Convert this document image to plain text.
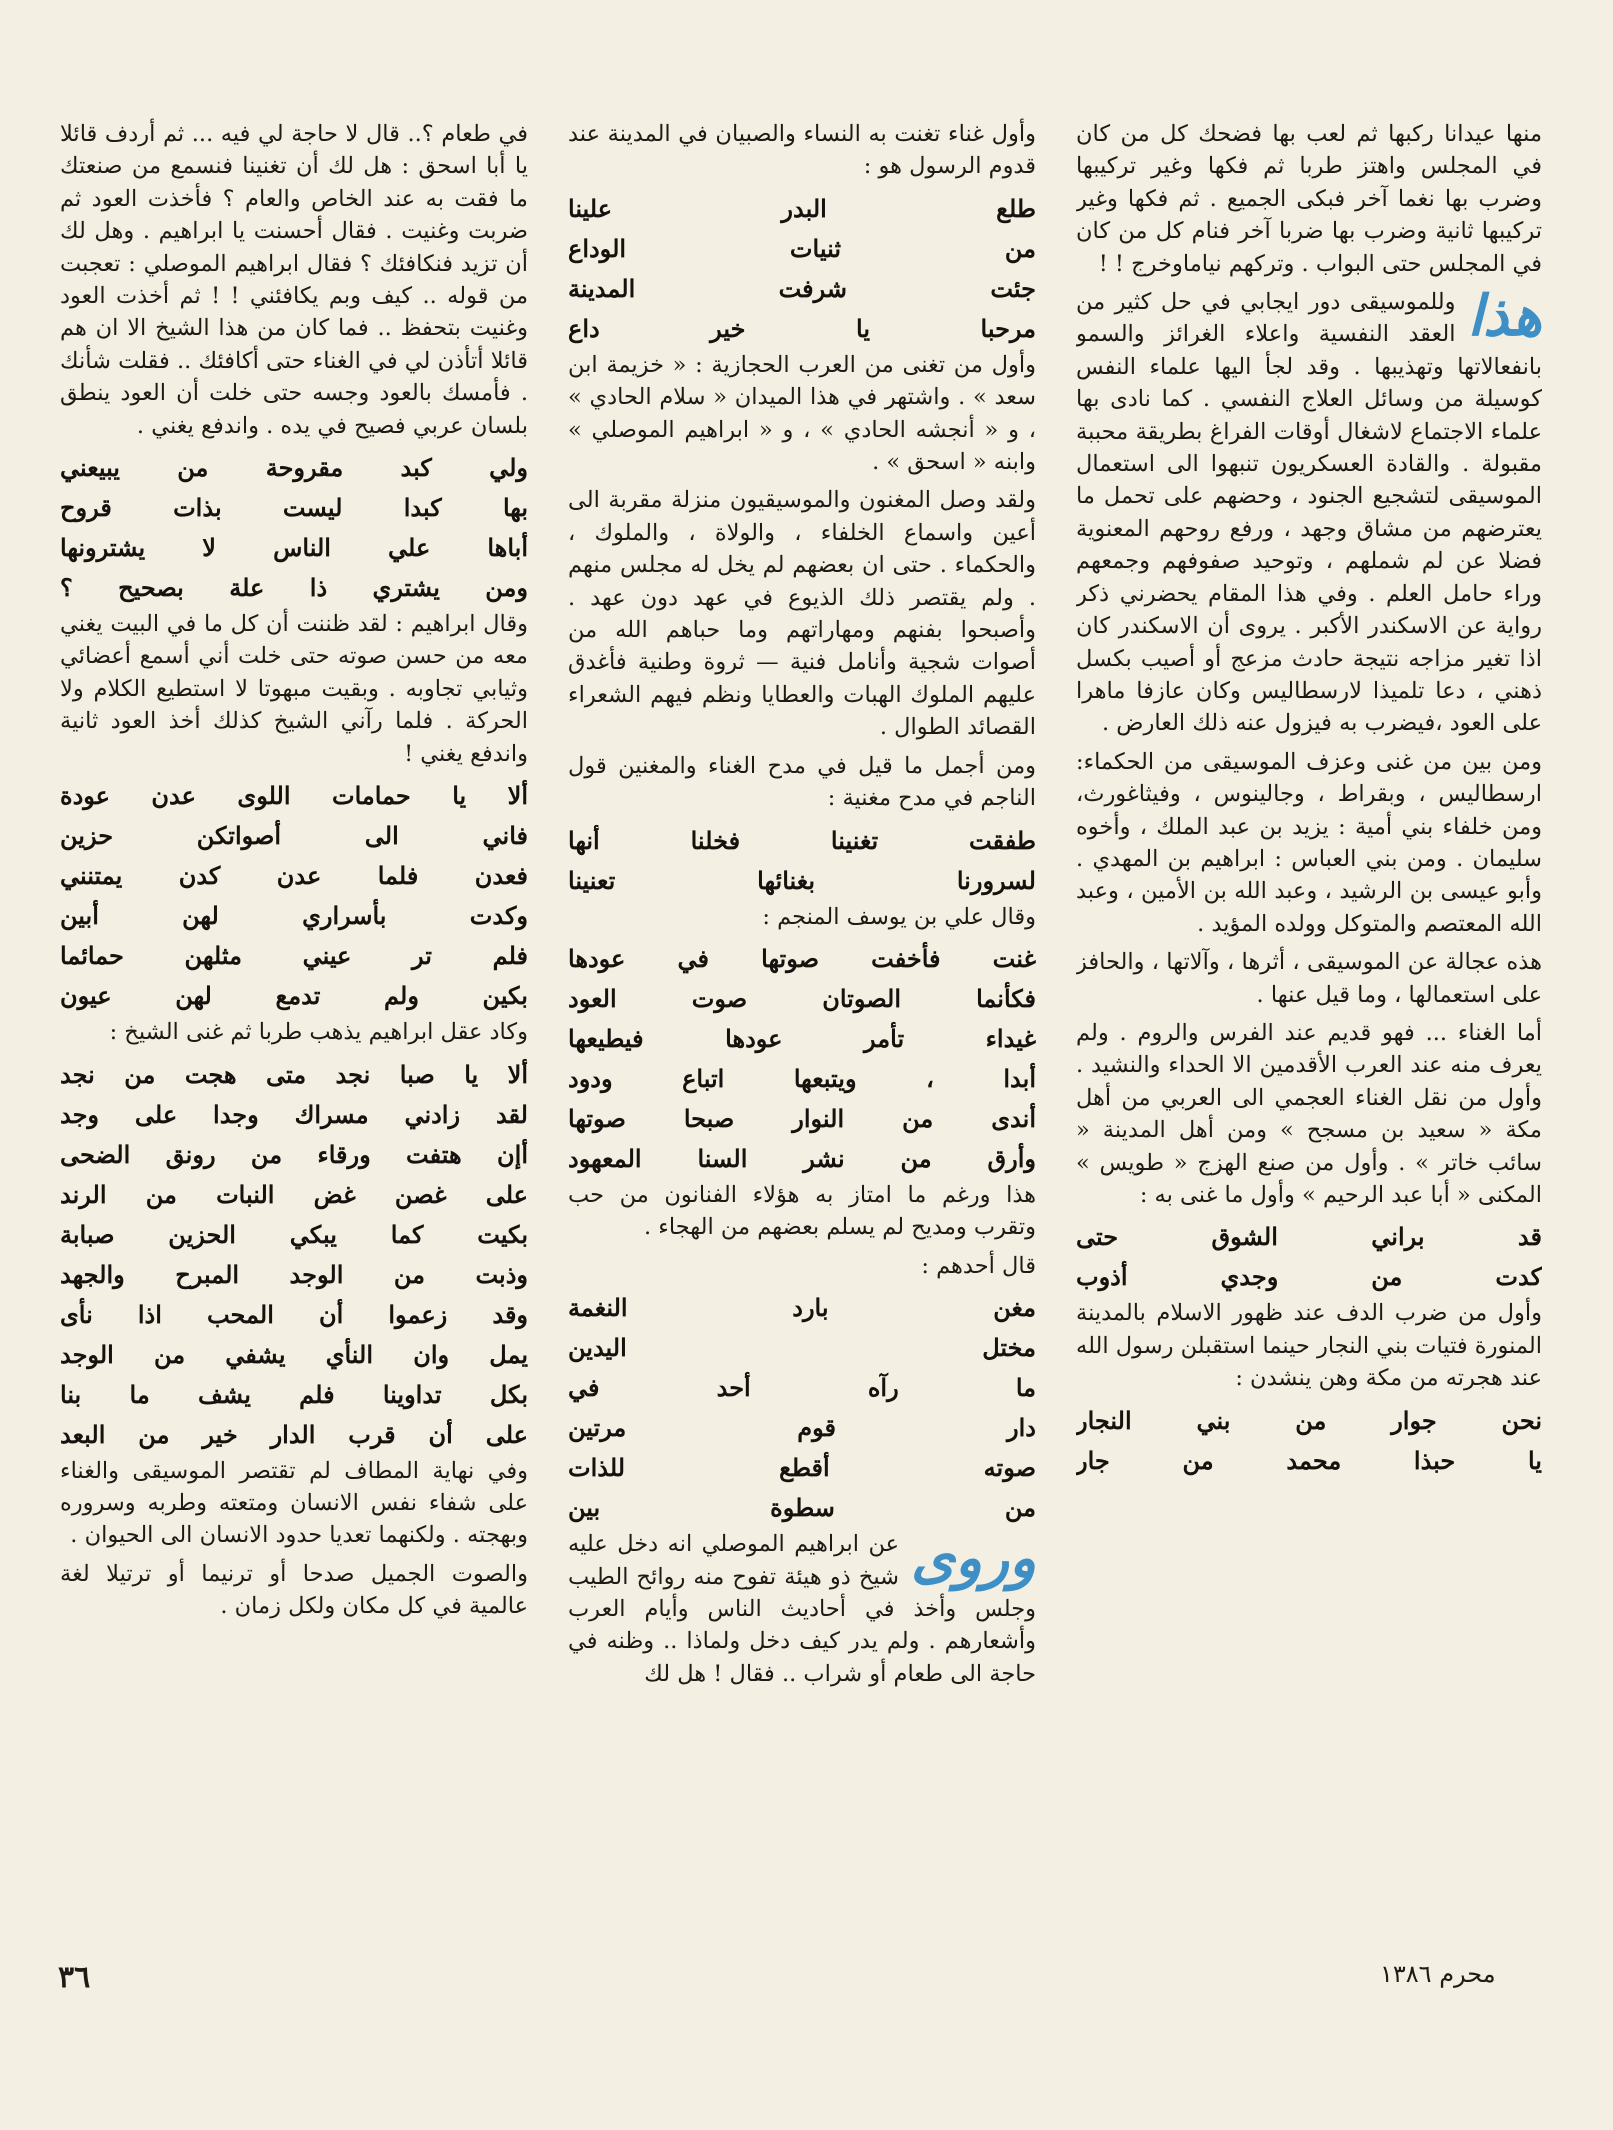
منها عيدانا ركبها ثم لعب بها فضحك كل من كان في المجلس واهتز طربا ثم فكها وغير تركيبها وضرب بها نغما آخر فبكى الجميع . ثم فكها وغير تركيبها ثانية وضرب بها ضربا آخر فنام كل من كان في المجلس حتى البواب . وتركهم نياماوخرج ! !

هذا
وللموسيقى دور ايجابي في حل كثير من العقد النفسية واعلاء الغرائز والسمو بانفعالاتها وتهذيبها . وقد لجأ اليها علماء النفس كوسيلة من وسائل العلاج النفسي . كما نادى بها علماء الاجتماع لاشغال أوقات الفراغ بطريقة محببة مقبولة . والقادة العسكريون تنبهوا الى استعمال الموسيقى لتشجيع الجنود ، وحضهم على تحمل ما يعترضهم من مشاق وجهد ، ورفع روحهم المعنوية فضلا عن لم شملهم ، وتوحيد صفوفهم وجمعهم وراء حامل العلم . وفي هذا المقام يحضرني ذكر رواية عن الاسكندر الأكبر . يروى أن الاسكندر كان اذا تغير مزاجه نتيجة حادث مزعج أو أصيب بكسل ذهني ، دعا تلميذا لارسطاليس وكان عازفا ماهرا على العود ،فيضرب به فيزول عنه ذلك العارض .

ومن بين من غنى وعزف الموسيقى من الحكماء: ارسطاليس ، وبقراط ، وجالينوس ، وفيثاغورث، ومن خلفاء بني أمية : يزيد بن عبد الملك ، وأخوه سليمان . ومن بني العباس : ابراهيم بن المهدي . وأبو عيسى بن الرشيد ، وعبد الله بن الأمين ، وعبد الله المعتصم والمتوكل وولده المؤيد .

هذه عجالة عن الموسيقى ، أثرها ، وآلاتها ، والحافز على استعمالها ، وما قيل عنها .

أما الغناء ... فهو قديم عند الفرس والروم . ولم يعرف منه عند العرب الأقدمين الا الحداء والنشيد . وأول من نقل الغناء العجمي الى العربي من أهل مكة « سعيد بن مسجح » ومن أهل المدينة « سائب خاتر » . وأول من صنع الهزج « طويس » المكنى « أبا عبد الرحيم » وأول ما غنى به :

قد براني الشوق حتى
كدت من وجدي أذوب

وأول من ضرب الدف عند ظهور الاسلام بالمدينة المنورة فتيات بني النجار حينما استقبلن رسول الله عند هجرته من مكة وهن ينشدن :

نحن جوار من بني النجار
يا حبذا محمد من جار

وأول غناء تغنت به النساء والصبيان في المدينة عند قدوم الرسول هو :

طلع البدر علينا
من ثنيات الوداع
جئت شرفت المدينة
مرحبا يا خير داع

وأول من تغنى من العرب الحجازية : « خزيمة ابن سعد » . واشتهر في هذا الميدان « سلام الحادي » ، و « أنجشه الحادي » ، و « ابراهيم الموصلي » وابنه « اسحق » .

ولقد وصل المغنون والموسيقيون منزلة مقربة الى أعين واسماع الخلفاء ، والولاة ، والملوك ، والحكماء . حتى ان بعضهم لم يخل له مجلس منهم . ولم يقتصر ذلك الذيوع في عهد دون عهد . وأصبحوا بفنهم ومهاراتهم وما حباهم الله من أصوات شجية وأنامل فنية — ثروة وطنية فأغدق عليهم الملوك الهبات والعطايا ونظم فيهم الشعراء القصائد الطوال .

ومن أجمل ما قيل في مدح الغناء والمغنين قول الناجم في مدح مغنية :

طفقت تغنينا فخلنا أنها
لسرورنا بغنائها تعنينا

وقال علي بن يوسف المنجم :

غنت فأخفت صوتها في عودها
فكأنما الصوتان صوت العود
غيداء تأمر عودها فيطيعها
أبدا ، ويتبعها اتباع ودود
أندى من النوار صبحا صوتها
وأرق من نشر السنا المعهود

هذا ورغم ما امتاز به هؤلاء الفنانون من حب وتقرب ومديح لم يسلم بعضهم من الهجاء .

قال أحدهم :

مغن بارد النغمة
مختل اليدين
ما رآه أحد في
دار قوم مرتين
صوته أقطع للذات
من سطوة بين

وروى
عن ابراهيم الموصلي انه دخل عليه شيخ ذو هيئة تفوح منه روائح الطيب وجلس وأخذ في أحاديث الناس وأيام العرب وأشعارهم . ولم يدر كيف دخل ولماذا .. وظنه في حاجة الى طعام أو شراب .. فقال ! هل لك

في طعام ؟.. قال لا حاجة لي فيه ... ثم أردف قائلا يا أبا اسحق : هل لك أن تغنينا فنسمع من صنعتك ما فقت به عند الخاص والعام ؟ فأخذت العود ثم ضربت وغنيت . فقال أحسنت يا ابراهيم . وهل لك أن تزيد فنكافئك ؟ فقال ابراهيم الموصلي : تعجبت من قوله .. كيف وبم يكافئني ! ! ثم أخذت العود وغنيت بتحفظ .. فما كان من هذا الشيخ الا ان هم قائلا أتأذن لي في الغناء حتى أكافئك .. فقلت شأنك . فأمسك بالعود وجسه حتى خلت أن العود ينطق بلسان عربي فصيح في يده . واندفع يغني .

ولي كبد مقروحة من يبيعني
بها كبدا ليست بذات قروح
أباها علي الناس لا يشترونها
ومن يشتري ذا علة بصحيح ؟

وقال ابراهيم : لقد ظننت أن كل ما في البيت يغني معه من حسن صوته حتى خلت أني أسمع أعضائي وثيابي تجاوبه . وبقيت مبهوتا لا استطيع الكلام ولا الحركة . فلما رآني الشيخ كذلك أخذ العود ثانية واندفع يغني !

ألا يا حمامات اللوى عدن عودة
فاني الى أصواتكن حزين
فعدن فلما عدن كدن يمتنني
وكدت بأسراري لهن أبين
فلم تر عيني مثلهن حمائما
بكين ولم تدمع لهن عيون

وكاد عقل ابراهيم يذهب طربا ثم غنى الشيخ :

ألا يا صبا نجد متى هجت من نجد
لقد زادني مسراك وجدا على وجد
أإن هتفت ورقاء من رونق الضحى
على غصن غض النبات من الرند
بكيت كما يبكي الحزين صبابة
وذبت من الوجد المبرح والجهد
وقد زعموا أن المحب اذا نأى
يمل وان النأي يشفي من الوجد
بكل تداوينا فلم يشف ما بنا
على أن قرب الدار خير من البعد

وفي نهاية المطاف لم تقتصر الموسيقى والغناء على شفاء نفس الانسان ومتعته وطربه وسروره وبهجته . ولكنهما تعديا حدود الانسان الى الحيوان .

والصوت الجميل صدحا أو ترنيما أو ترتيلا لغة عالمية في كل مكان ولكل زمان .

٣٦	محرم ١٣٨٦
